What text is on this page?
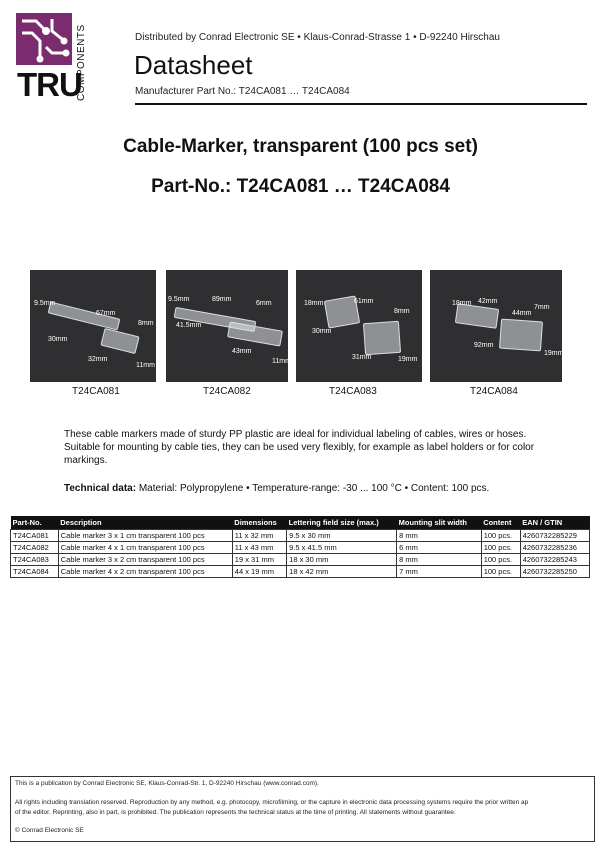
TRU
COMPONENTS	Distributed by Conrad Electronic SE • Klaus-Conrad-Strasse 1 • D-92240 Hirschau
Datasheet
Manufacturer Part No.: T24CA081 … T24CA084
Cable-Marker, transparent (100 pcs set)
Part-No.: T24CA081 … T24CA084
9.5mm
67mm
8mm
30mm
32mm
11mm
9.5mm	89mm
6mm
41.5mm
43mm
11mm
18mm	61mm
8mm
30mm
31mm	19mm
18mm 42mm
7mm
44mm
92mm
19mm
T24CA081	T24CA082	T24CA083	T24CA084
These cable markers made of sturdy PP plastic are ideal for individual labeling of cables, wires or hoses. Suitable for mounting by cable ties, they can be used very flexibly, for example as label holders or for color markings.
Technical data: Material: Polypropylene • Temperature-range: -30 ... 100 °C • Content: 100 pcs.
Part-No.	Description	Dimensions	Lettering field size (max.)	Mounting slit width	Content	EAN / GTIN
T24CA081	Cable marker 3 x 1 cm transparent 100 pcs	11 x 32 mm	9.5 x 30 mm	8 mm	100 pcs.	4260732285229
T24CA082	Cable marker 4 x 1 cm transparent 100 pcs	11 x 43 mm	9.5 x 41.5 mm	6 mm	100 pcs.	4260732285236
T24CA083	Cable marker 3 x 2 cm transparent 100 pcs	19 x 31 mm	18 x 30 mm	8 mm	100 pcs.	4260732285243
T24CA084	Cable marker 4 x 2 cm transparent 100 pcs	44 x 19 mm	18 x 42 mm	7 mm	100 pcs.	4260732285250
This is a publication by Conrad Electronic SE, Klaus-Conrad-Str. 1, D-92240 Hirschau (www.conrad.com).
All rights including translation reserved. Reproduction by any method, e.g. photocopy, microfilming, or the capture in electronic data processing systems require the prior written ap
of the editor. Reprinting, also in part, is prohibited. The publication represents the technical status at the time of printing. All statements without guarantee.
© Conrad Electronic SE
